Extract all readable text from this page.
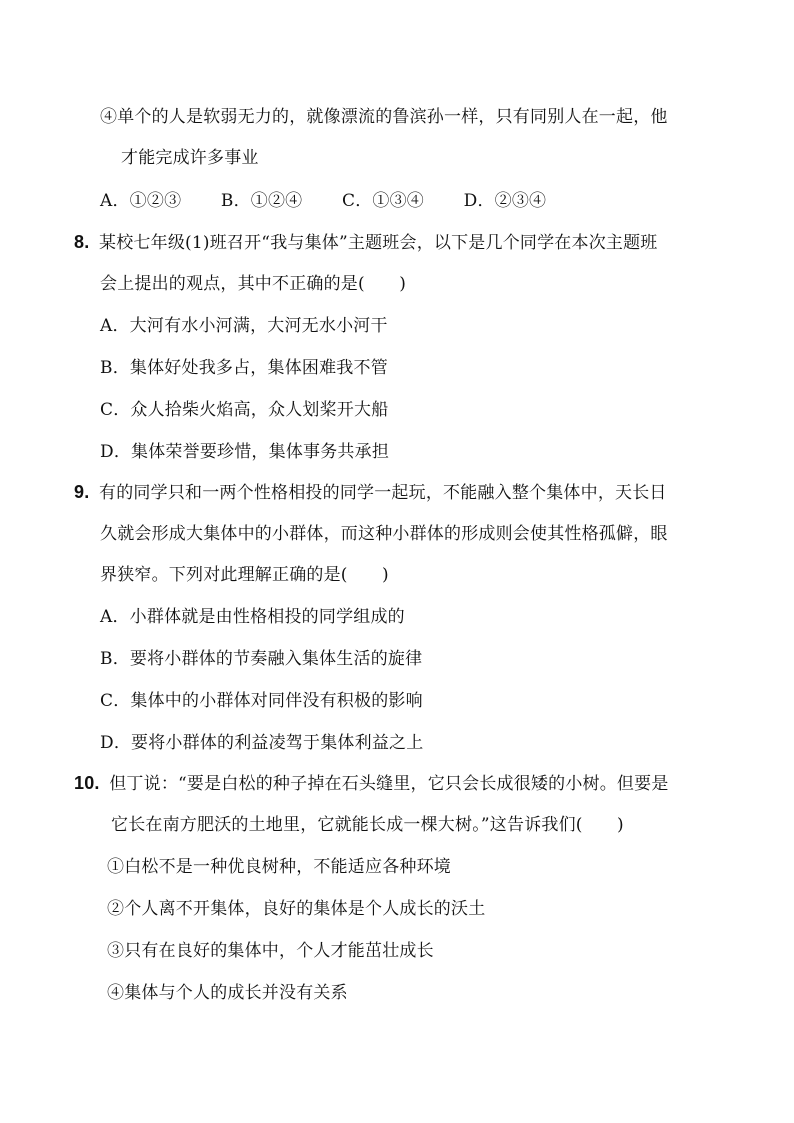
④单个的人是软弱无力的，就像漂流的鲁滨孙一样，只有同别人在一起，他
才能完成许多事业
A．①②③ B．①②④ C．①③④ D．②③④
8. 某校七年级(1)班召开“我与集体”主题班会，以下是几个同学在本次主题班
会上提出的观点，其中不正确的是(　　)
A．大河有水小河满，大河无水小河干
B．集体好处我多占，集体困难我不管
C．众人拾柴火焰高，众人划桨开大船
D．集体荣誉要珍惜，集体事务共承担
9. 有的同学只和一两个性格相投的同学一起玩，不能融入整个集体中，天长日
久就会形成大集体中的小群体，而这种小群体的形成则会使其性格孤僻，眼
界狭窄。下列对此理解正确的是(　　)
A．小群体就是由性格相投的同学组成的
B．要将小群体的节奏融入集体生活的旋律
C．集体中的小群体对同伴没有积极的影响
D．要将小群体的利益凌驾于集体利益之上
10. 但丁说：“要是白松的种子掉在石头缝里，它只会长成很矮的小树。但要是
它长在南方肥沃的土地里，它就能长成一棵大树。”这告诉我们(　　)
①白松不是一种优良树种，不能适应各种环境
②个人离不开集体，良好的集体是个人成长的沃土
③只有在良好的集体中，个人才能茁壮成长
④集体与个人的成长并没有关系
